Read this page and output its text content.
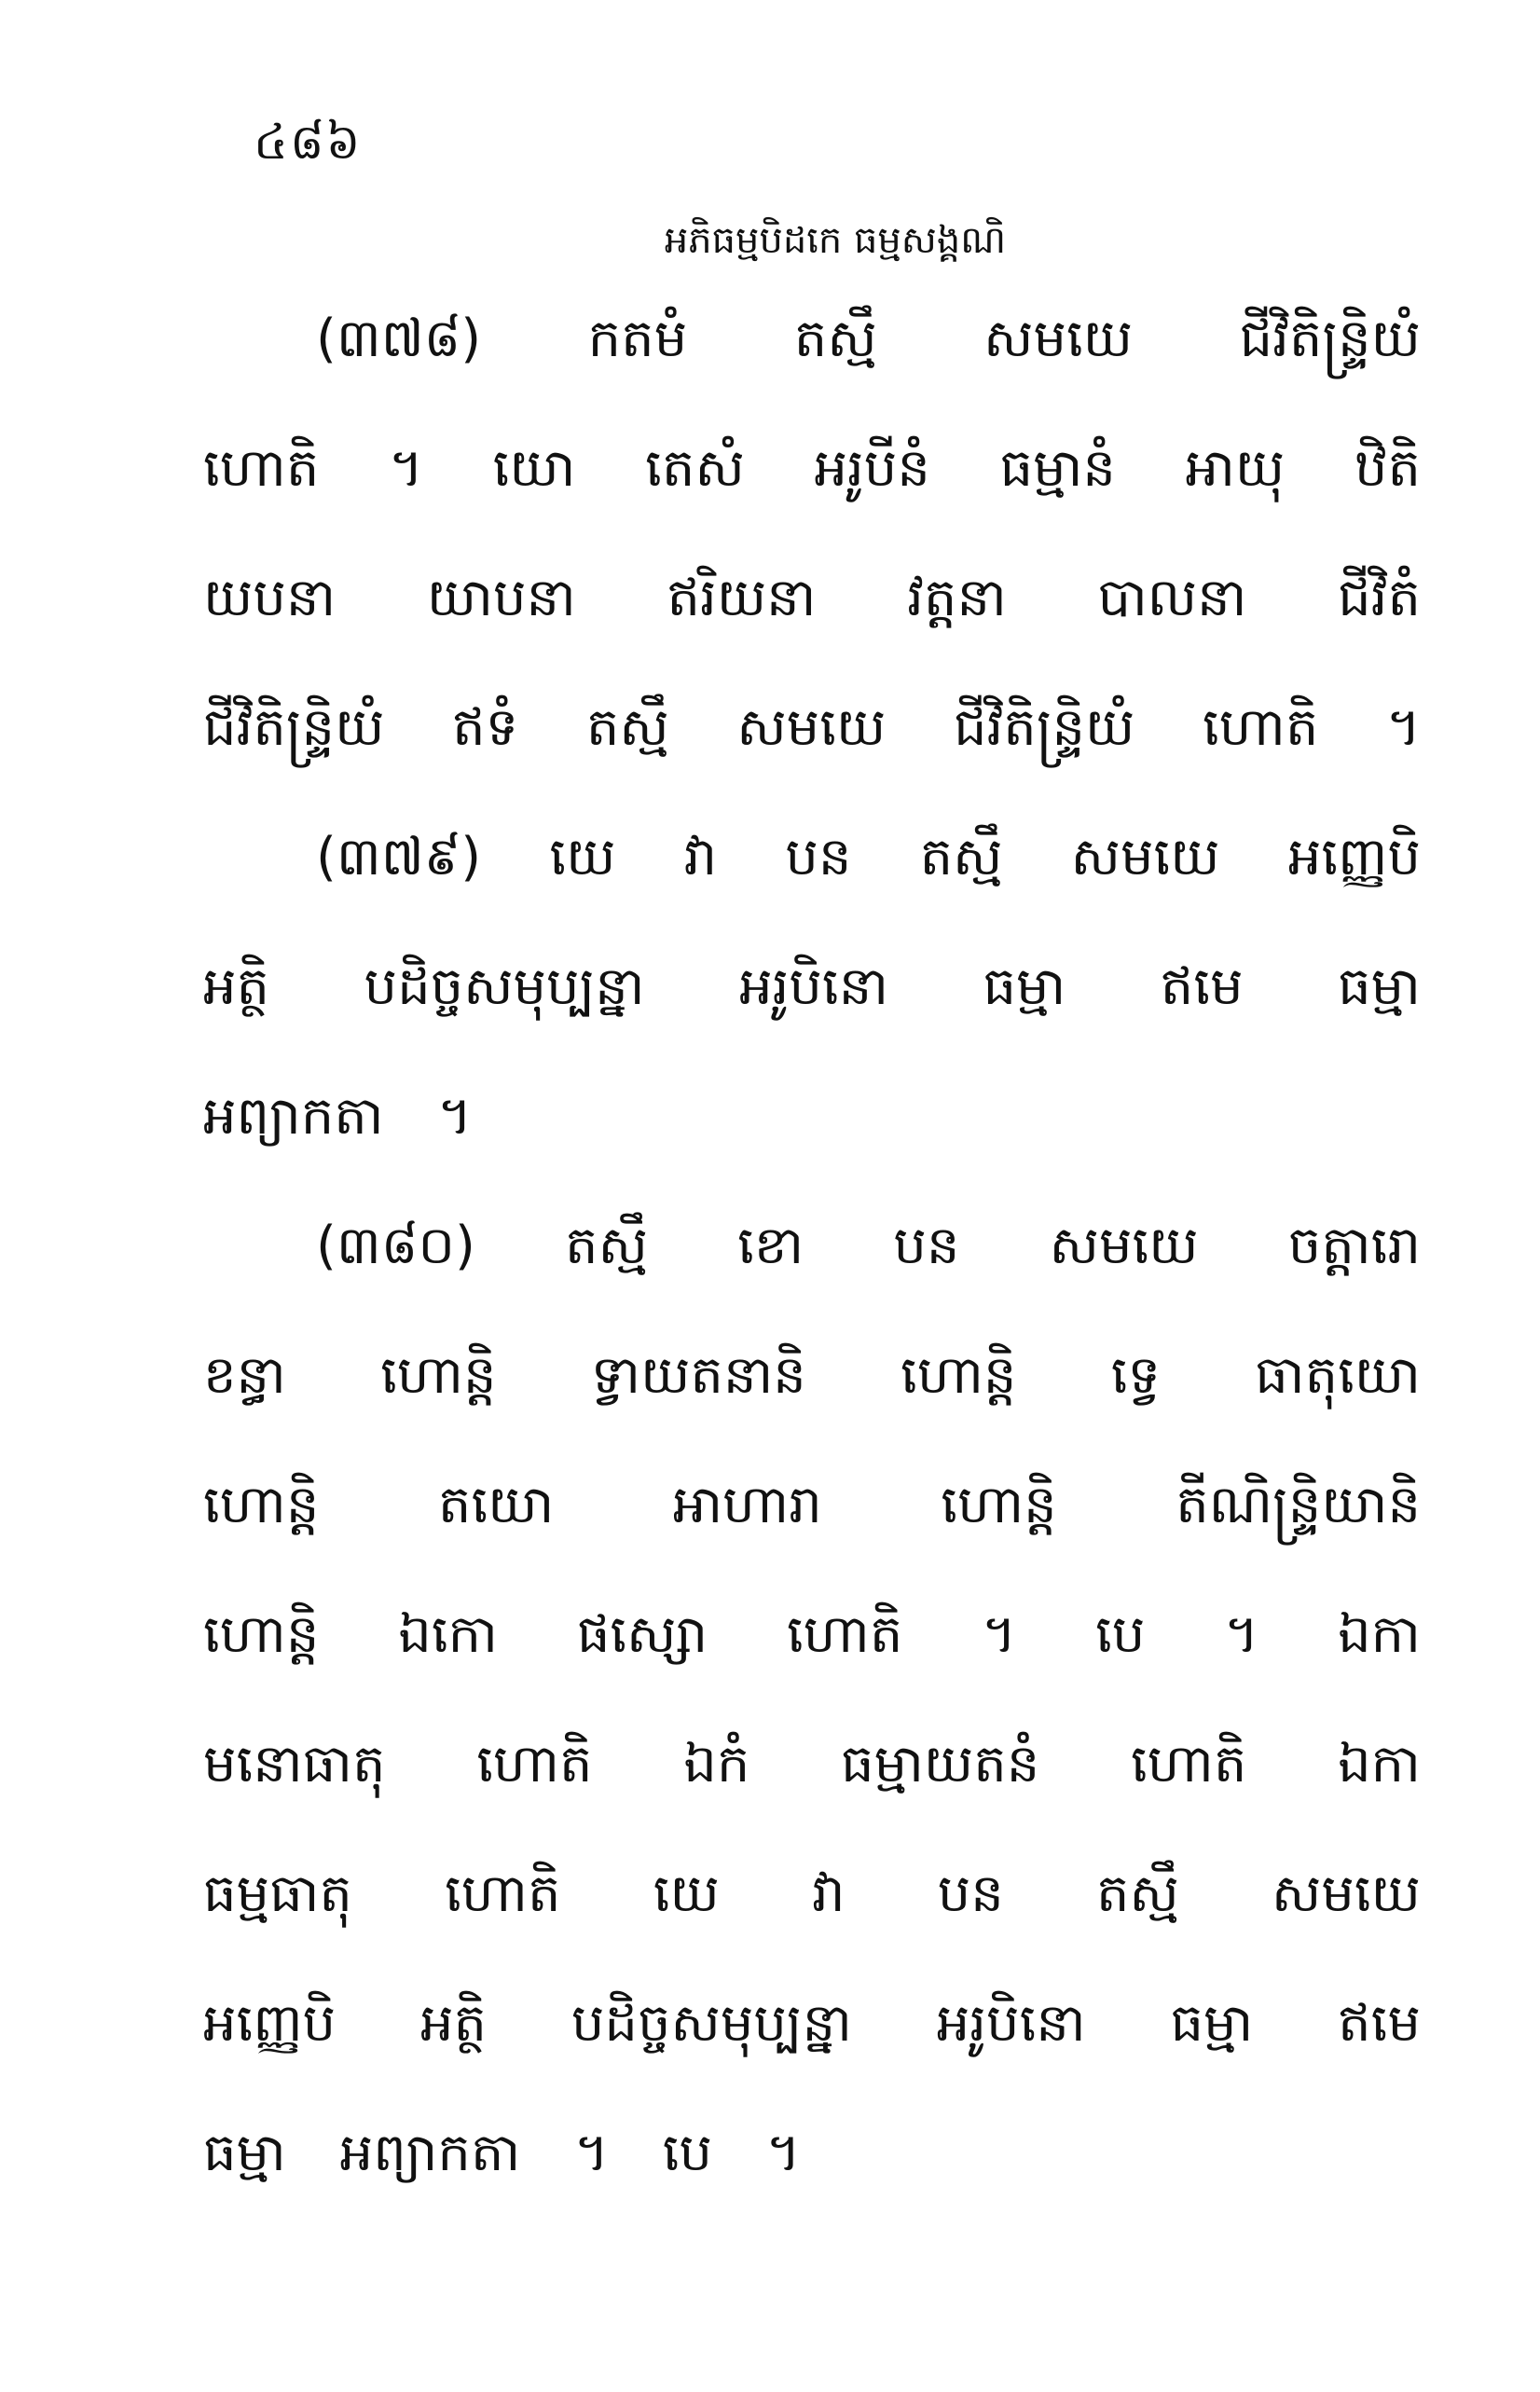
៤៨៦
អភិធម្មបិដកេ ធម្មសង្គណិ
(៣៧៨) កតមំ តស្មឹ សមយេ ជីវិតិន្ទ្រិយំ
ហោតិ ។ យោ តេសំ អរូបីនំ ធម្មានំ អាយុ ឋិតិ
យបនា យាបនា ឥរិយនា វត្តនា បាលនា ជីវិតំ
ជីវិតិន្ទ្រិយំ ឥទំ តស្មឹ សមយេ ជីវិតិន្ទ្រិយំ ហោតិ ។
(៣៧៩) យេ វា បន តស្មឹ សមយេ អញ្ញេបិ
អត្ថិ បដិច្ចសមុប្បន្នា អរូបិនោ ធម្មា ឥមេ ធម្មា
អព្យាកតា ។
(៣៨០) តស្មឹ ខោ បន សមយេ ចត្តារោ
ខន្ធា ហោន្តិ ទ្វាយតនានិ ហោន្តិ ទ្វេ ធាតុយោ
ហោន្តិ តយោ អាហារា ហោន្តិ តីណិន្ទ្រិយានិ
ហោន្តិ ឯកោ ផស្សោ ហោតិ ។ បេ ។ ឯកា
មនោធាតុ ហោតិ ឯកំ ធម្មាយតនំ ហោតិ ឯកា
ធម្មធាតុ ហោតិ យេ វា បន តស្មឹ សមយេ
អញ្ញេបិ អត្ថិ បដិច្ចសមុប្បន្នា អរូបិនោ ធម្មា ឥមេ
ធម្មា អព្យាកតា ។ បេ ។
